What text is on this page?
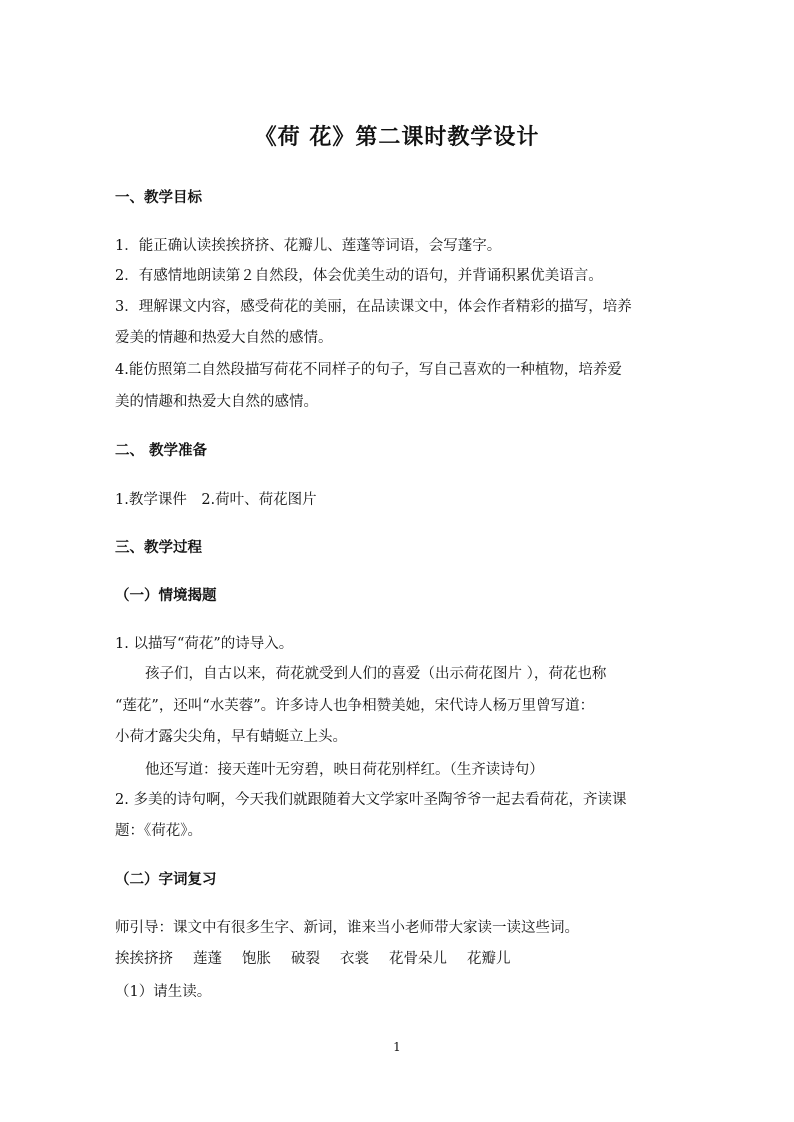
《荷 花》第二课时教学设计

一、教学目标

1．能正确认读挨挨挤挤、花瓣儿、莲蓬等词语，会写蓬字。

2．有感情地朗读第２自然段，体会优美生动的语句，并背诵积累优美语言。

3．理解课文内容，感受荷花的美丽，在品读课文中，体会作者精彩的描写，培养

爱美的情趣和热爱大自然的感情。

4.能仿照第二自然段描写荷花不同样子的句子，写自己喜欢的一种植物，培养爱

美的情趣和热爱大自然的感情。

二、 教学准备

1.教学课件　2.荷叶、荷花图片

三、教学过程

（一）情境揭题

1. 以描写“荷花”的诗导入。

孩子们，自古以来，荷花就受到人们的喜爱（出示荷花图片 ），荷花也称

“莲花”，还叫“水芙蓉”。许多诗人也争相赞美她，宋代诗人杨万里曾写道：

小荷才露尖尖角，早有蜻蜓立上头。

他还写道：接天莲叶无穷碧，映日荷花别样红。（生齐读诗句）

2. 多美的诗句啊，今天我们就跟随着大文学家叶圣陶爷爷一起去看荷花，齐读课

题：《荷花》。

（二）字词复习

师引导：课文中有很多生字、新词，谁来当小老师带大家读一读这些词。

挨挨挤挤 莲蓬 饱胀 破裂 衣裳 花骨朵儿 花瓣儿

（1）请生读。

1
